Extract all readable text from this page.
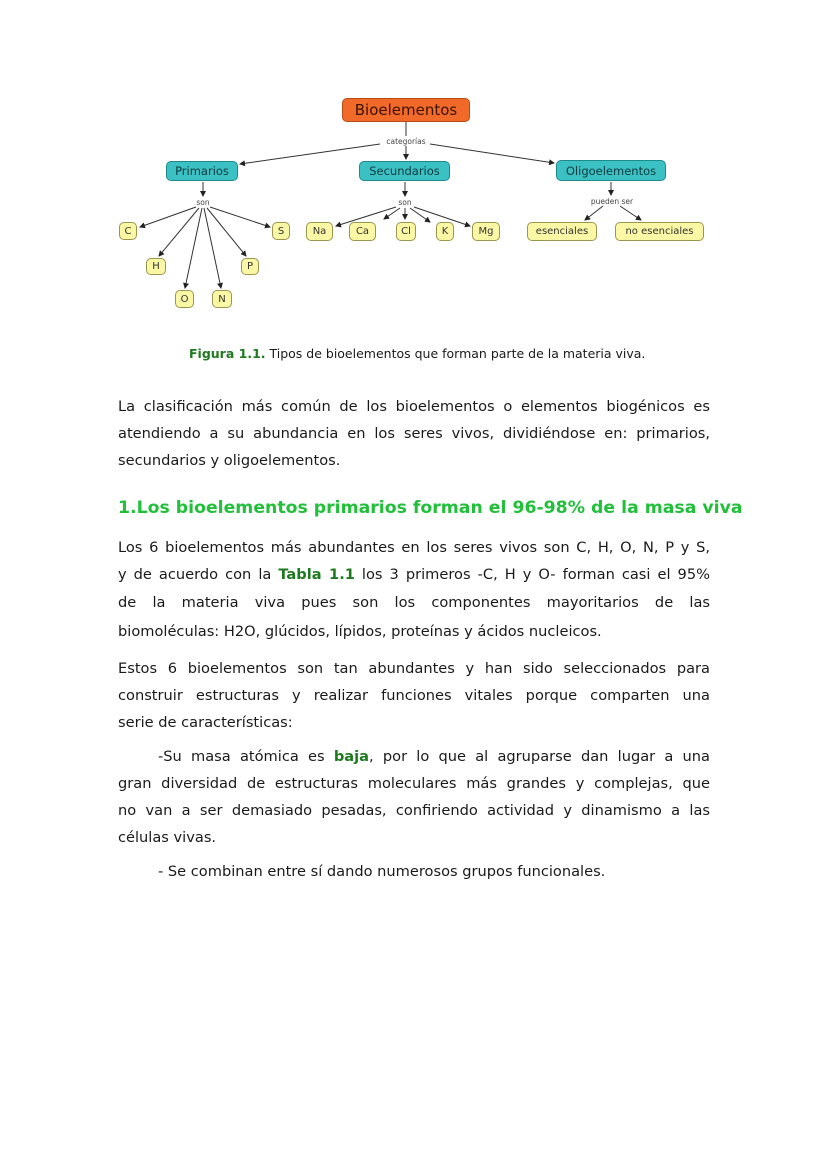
Bioelementos
categorías
Primarios	Secundarios	Oligoelementos
son	son	pueden ser
C
H
O	N
P
S	Na	Ca	Cl	K	Mg	esenciales	no esenciales
Figura 1.1. Tipos de bioelementos que forman parte de la materia viva.
La clasificación más común de los bioelementos o elementos biogénicos es
atendiendo a su abundancia en los seres vivos, dividiéndose en: primarios,
secundarios y oligoelementos.
1.Los bioelementos primarios forman el 96-98% de la masa viva
Los 6 bioelementos más abundantes en los seres vivos son C, H, O, N, P y S,
y de acuerdo con la Tabla 1.1 los 3 primeros -C, H y O- forman casi el 95%
de la materia viva pues son los componentes mayoritarios de las
biomoléculas: H2O, glúcidos, lípidos, proteínas y ácidos nucleicos.
Estos 6 bioelementos son tan abundantes y han sido seleccionados para
construir estructuras y realizar funciones vitales porque comparten una
serie de características:
-Su masa atómica es baja, por lo que al agruparse dan lugar a una
gran diversidad de estructuras moleculares más grandes y complejas, que
no van a ser demasiado pesadas, confiriendo actividad y dinamismo a las
células vivas.
- Se combinan entre sí dando numerosos grupos funcionales.
